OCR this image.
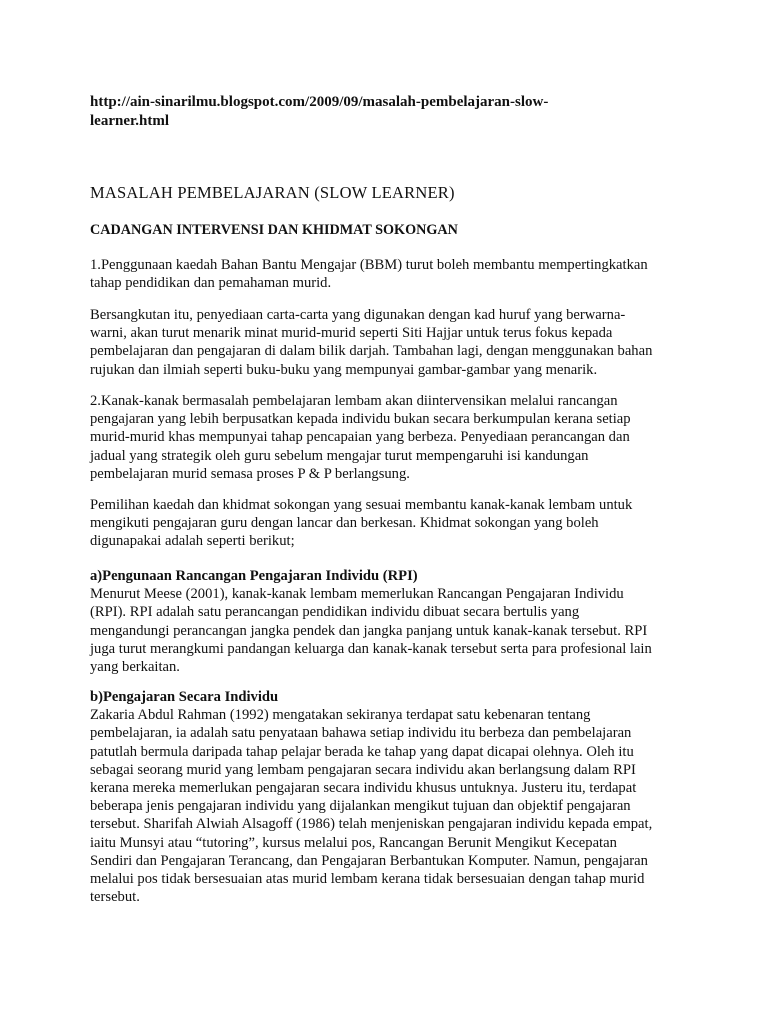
http://ain-sinarilmu.blogspot.com/2009/09/masalah-pembelajaran-slow-
learner.html
MASALAH PEMBELAJARAN (SLOW LEARNER)
CADANGAN INTERVENSI DAN KHIDMAT SOKONGAN
1.Penggunaan kaedah Bahan Bantu Mengajar (BBM) turut boleh membantu mempertingkatkan
tahap pendidikan dan pemahaman murid.
Bersangkutan itu, penyediaan carta-carta yang digunakan dengan kad huruf yang berwarna-
warni, akan turut menarik minat murid-murid seperti Siti Hajjar untuk terus fokus kepada
pembelajaran dan pengajaran di dalam bilik darjah. Tambahan lagi, dengan menggunakan bahan
rujukan dan ilmiah seperti buku-buku yang mempunyai gambar-gambar yang menarik.
2.Kanak-kanak bermasalah pembelajaran lembam akan diintervensikan melalui rancangan
pengajaran yang lebih berpusatkan kepada individu bukan secara berkumpulan kerana setiap
murid-murid khas mempunyai tahap pencapaian yang berbeza. Penyediaan perancangan dan
jadual yang strategik oleh guru sebelum mengajar turut mempengaruhi isi kandungan
pembelajaran murid semasa proses P & P berlangsung.
Pemilihan kaedah dan khidmat sokongan yang sesuai membantu kanak-kanak lembam untuk
mengikuti pengajaran guru dengan lancar dan berkesan. Khidmat sokongan yang boleh
digunapakai adalah seperti berikut;
a)Pengunaan Rancangan Pengajaran Individu (RPI)
Menurut Meese (2001), kanak-kanak lembam memerlukan Rancangan Pengajaran Individu
(RPI). RPI adalah satu perancangan pendidikan individu dibuat secara bertulis yang
mengandungi perancangan jangka pendek dan jangka panjang untuk kanak-kanak tersebut. RPI
juga turut merangkumi pandangan keluarga dan kanak-kanak tersebut serta para profesional lain
yang berkaitan.
b)Pengajaran Secara Individu
Zakaria Abdul Rahman (1992) mengatakan sekiranya terdapat satu kebenaran tentang
pembelajaran, ia adalah satu penyataan bahawa setiap individu itu berbeza dan pembelajaran
patutlah bermula daripada tahap pelajar berada ke tahap yang dapat dicapai olehnya. Oleh itu
sebagai seorang murid yang lembam pengajaran secara individu akan berlangsung dalam RPI
kerana mereka memerlukan pengajaran secara individu khusus untuknya. Justeru itu, terdapat
beberapa jenis pengajaran individu yang dijalankan mengikut tujuan dan objektif pengajaran
tersebut. Sharifah Alwiah Alsagoff (1986) telah menjeniskan pengajaran individu kepada empat,
iaitu Munsyi atau “tutoring”, kursus melalui pos, Rancangan Berunit Mengikut Kecepatan
Sendiri dan Pengajaran Terancang, dan Pengajaran Berbantukan Komputer. Namun, pengajaran
melalui pos tidak bersesuaian atas murid lembam kerana tidak bersesuaian dengan tahap murid
tersebut.
